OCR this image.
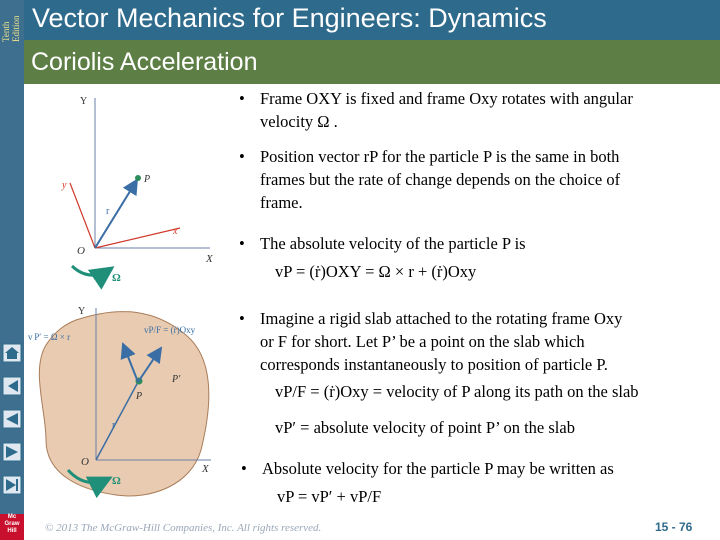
Tenth Edition
Mc
Graw
Hill
Vector Mechanics for Engineers: Dynamics
Coriolis Acceleration
Y
y
P
r
x
O
X
Ω
Y
v P′ = Ω × r
vP/F = (ṙ)Oxy
P
P′
r
O
X
Ω
• Frame OXY is fixed and frame Oxy rotates with angular
velocity Ω .
• Position vector rP for the particle P is the same in both
frames but the rate of change depends on the choice of
frame.
• The absolute velocity of the particle P is
vP = (ṙ)OXY = Ω × r + (ṙ)Oxy
• Imagine a rigid slab attached to the rotating frame Oxy
or F for short. Let P’ be a point on the slab which
corresponds instantaneously to position of particle P.
vP/F = (ṙ)Oxy = velocity of P along its path on the slab
vP′ = absolute velocity of point P’ on the slab
• Absolute velocity for the particle P may be written as
vP = vP′ + vP/F
© 2013 The McGraw-Hill Companies, Inc. All rights reserved.	15 - 76
